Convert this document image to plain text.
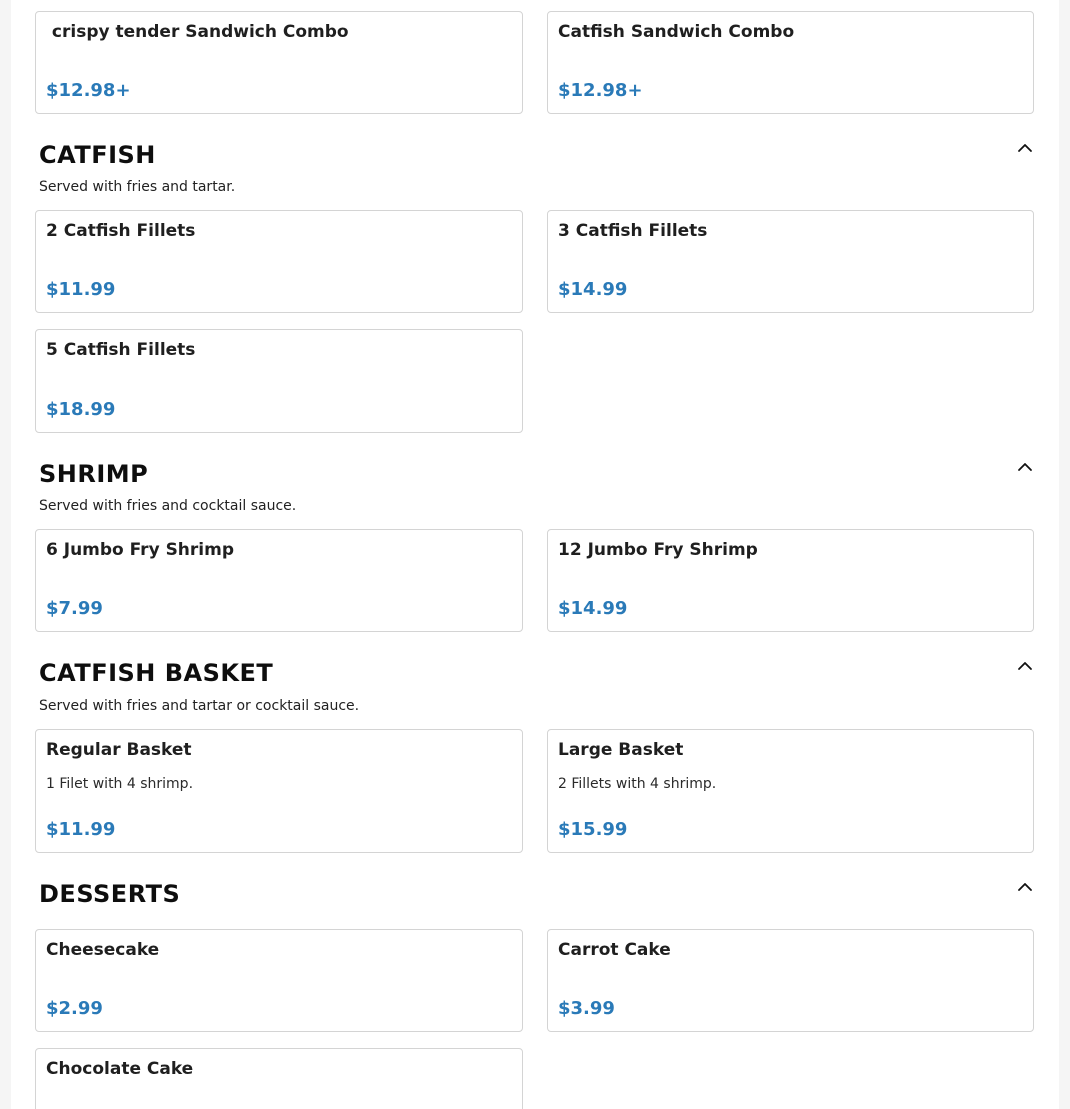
crispy tender Sandwich Combo
$12.98+
Catfish Sandwich Combo
$12.98+
CATFISH
Served with fries and tartar.
2 Catfish Fillets
$11.99
3 Catfish Fillets
$14.99
5 Catfish Fillets
$18.99
SHRIMP
Served with fries and cocktail sauce.
6 Jumbo Fry Shrimp
$7.99
12 Jumbo Fry Shrimp
$14.99
CATFISH BASKET
Served with fries and tartar or cocktail sauce.
Regular Basket
1 Filet with 4 shrimp.
$11.99
Large Basket
2 Fillets with 4 shrimp.
$15.99
DESSERTS
Cheesecake
$2.99
Carrot Cake
$3.99
Chocolate Cake
